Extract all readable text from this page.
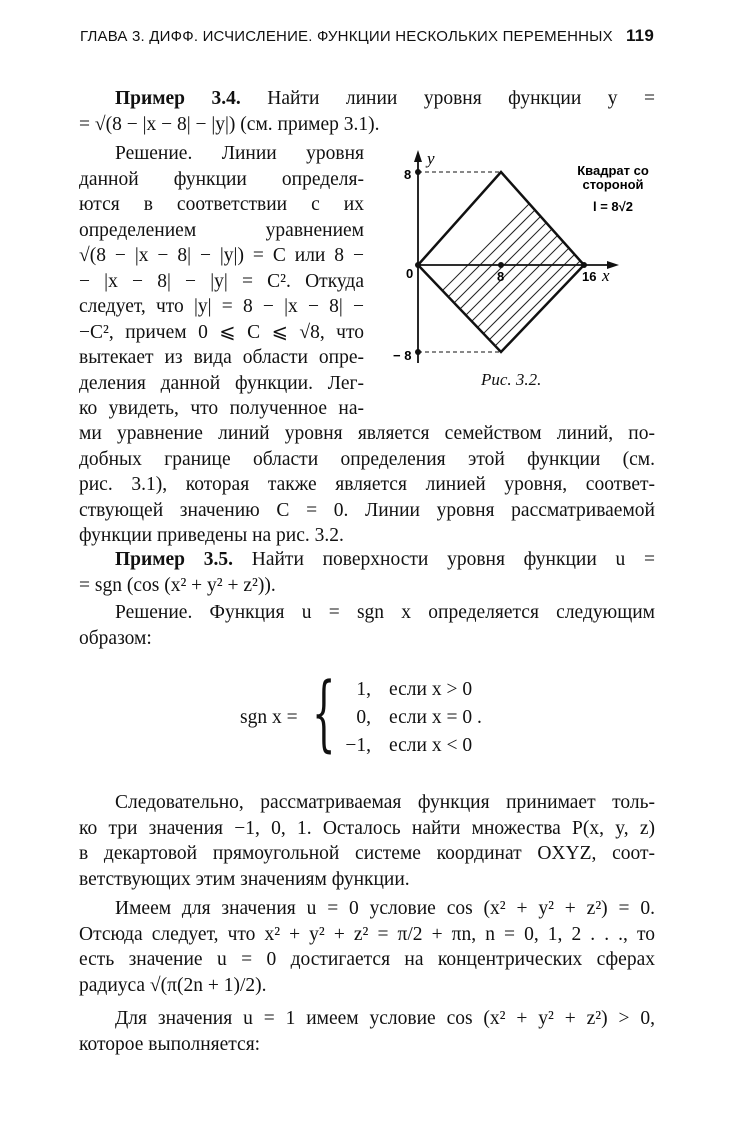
ГЛАВА 3. ДИФФ. ИСЧИСЛЕНИЕ. ФУНКЦИИ НЕСКОЛЬКИХ ПЕРЕМЕННЫХ 119
Пример 3.4. Найти линии уровня функции y =
= √(8 − |x − 8| − |y|) (см. пример 3.1).
Решение. Линии уровня
данной функции определя-
ются в соответствии с их
определением уравнением
√(8 − |x − 8| − |y|) = C или 8 −
− |x − 8| − |y| = C². Откуда
следует, что |y| = 8 − |x − 8| −
−C², причем 0 ⩽ C ⩽ √8, что
вытекает из вида области опре-
деления данной функции. Лег-
ко увидеть, что полученное на-
y
x
8
− 8
0	8	16
Квадрат со
стороной
l = 8√2
Рис. 3.2.
ми уравнение линий уровня является семейством линий, по-
добных границе области определения этой функции (см.
рис. 3.1), которая также является линией уровня, соответ-
ствующей значению C = 0. Линии уровня рассматриваемой
функции приведены на рис. 3.2.
Пример 3.5. Найти поверхности уровня функции u =
= sgn (cos (x² + y² + z²)).
Решение. Функция u = sgn x определяется следующим
образом:
sgn x = {	1, если x > 0
0, если x = 0 .
−1, если x < 0
Следовательно, рассматриваемая функция принимает толь-
ко три значения −1, 0, 1. Осталось найти множества P(x, y, z)
в декартовой прямоугольной системе координат OXYZ, соот-
ветствующих этим значениям функции.
Имеем для значения u = 0 условие cos (x² + y² + z²) = 0.
Отсюда следует, что x² + y² + z² = π/2 + πn, n = 0, 1, 2 . . ., то
есть значение u = 0 достигается на концентрических сферах
радиуса √(π(2n + 1)/2).
Для значения u = 1 имеем условие cos (x² + y² + z²) > 0,
которое выполняется:
